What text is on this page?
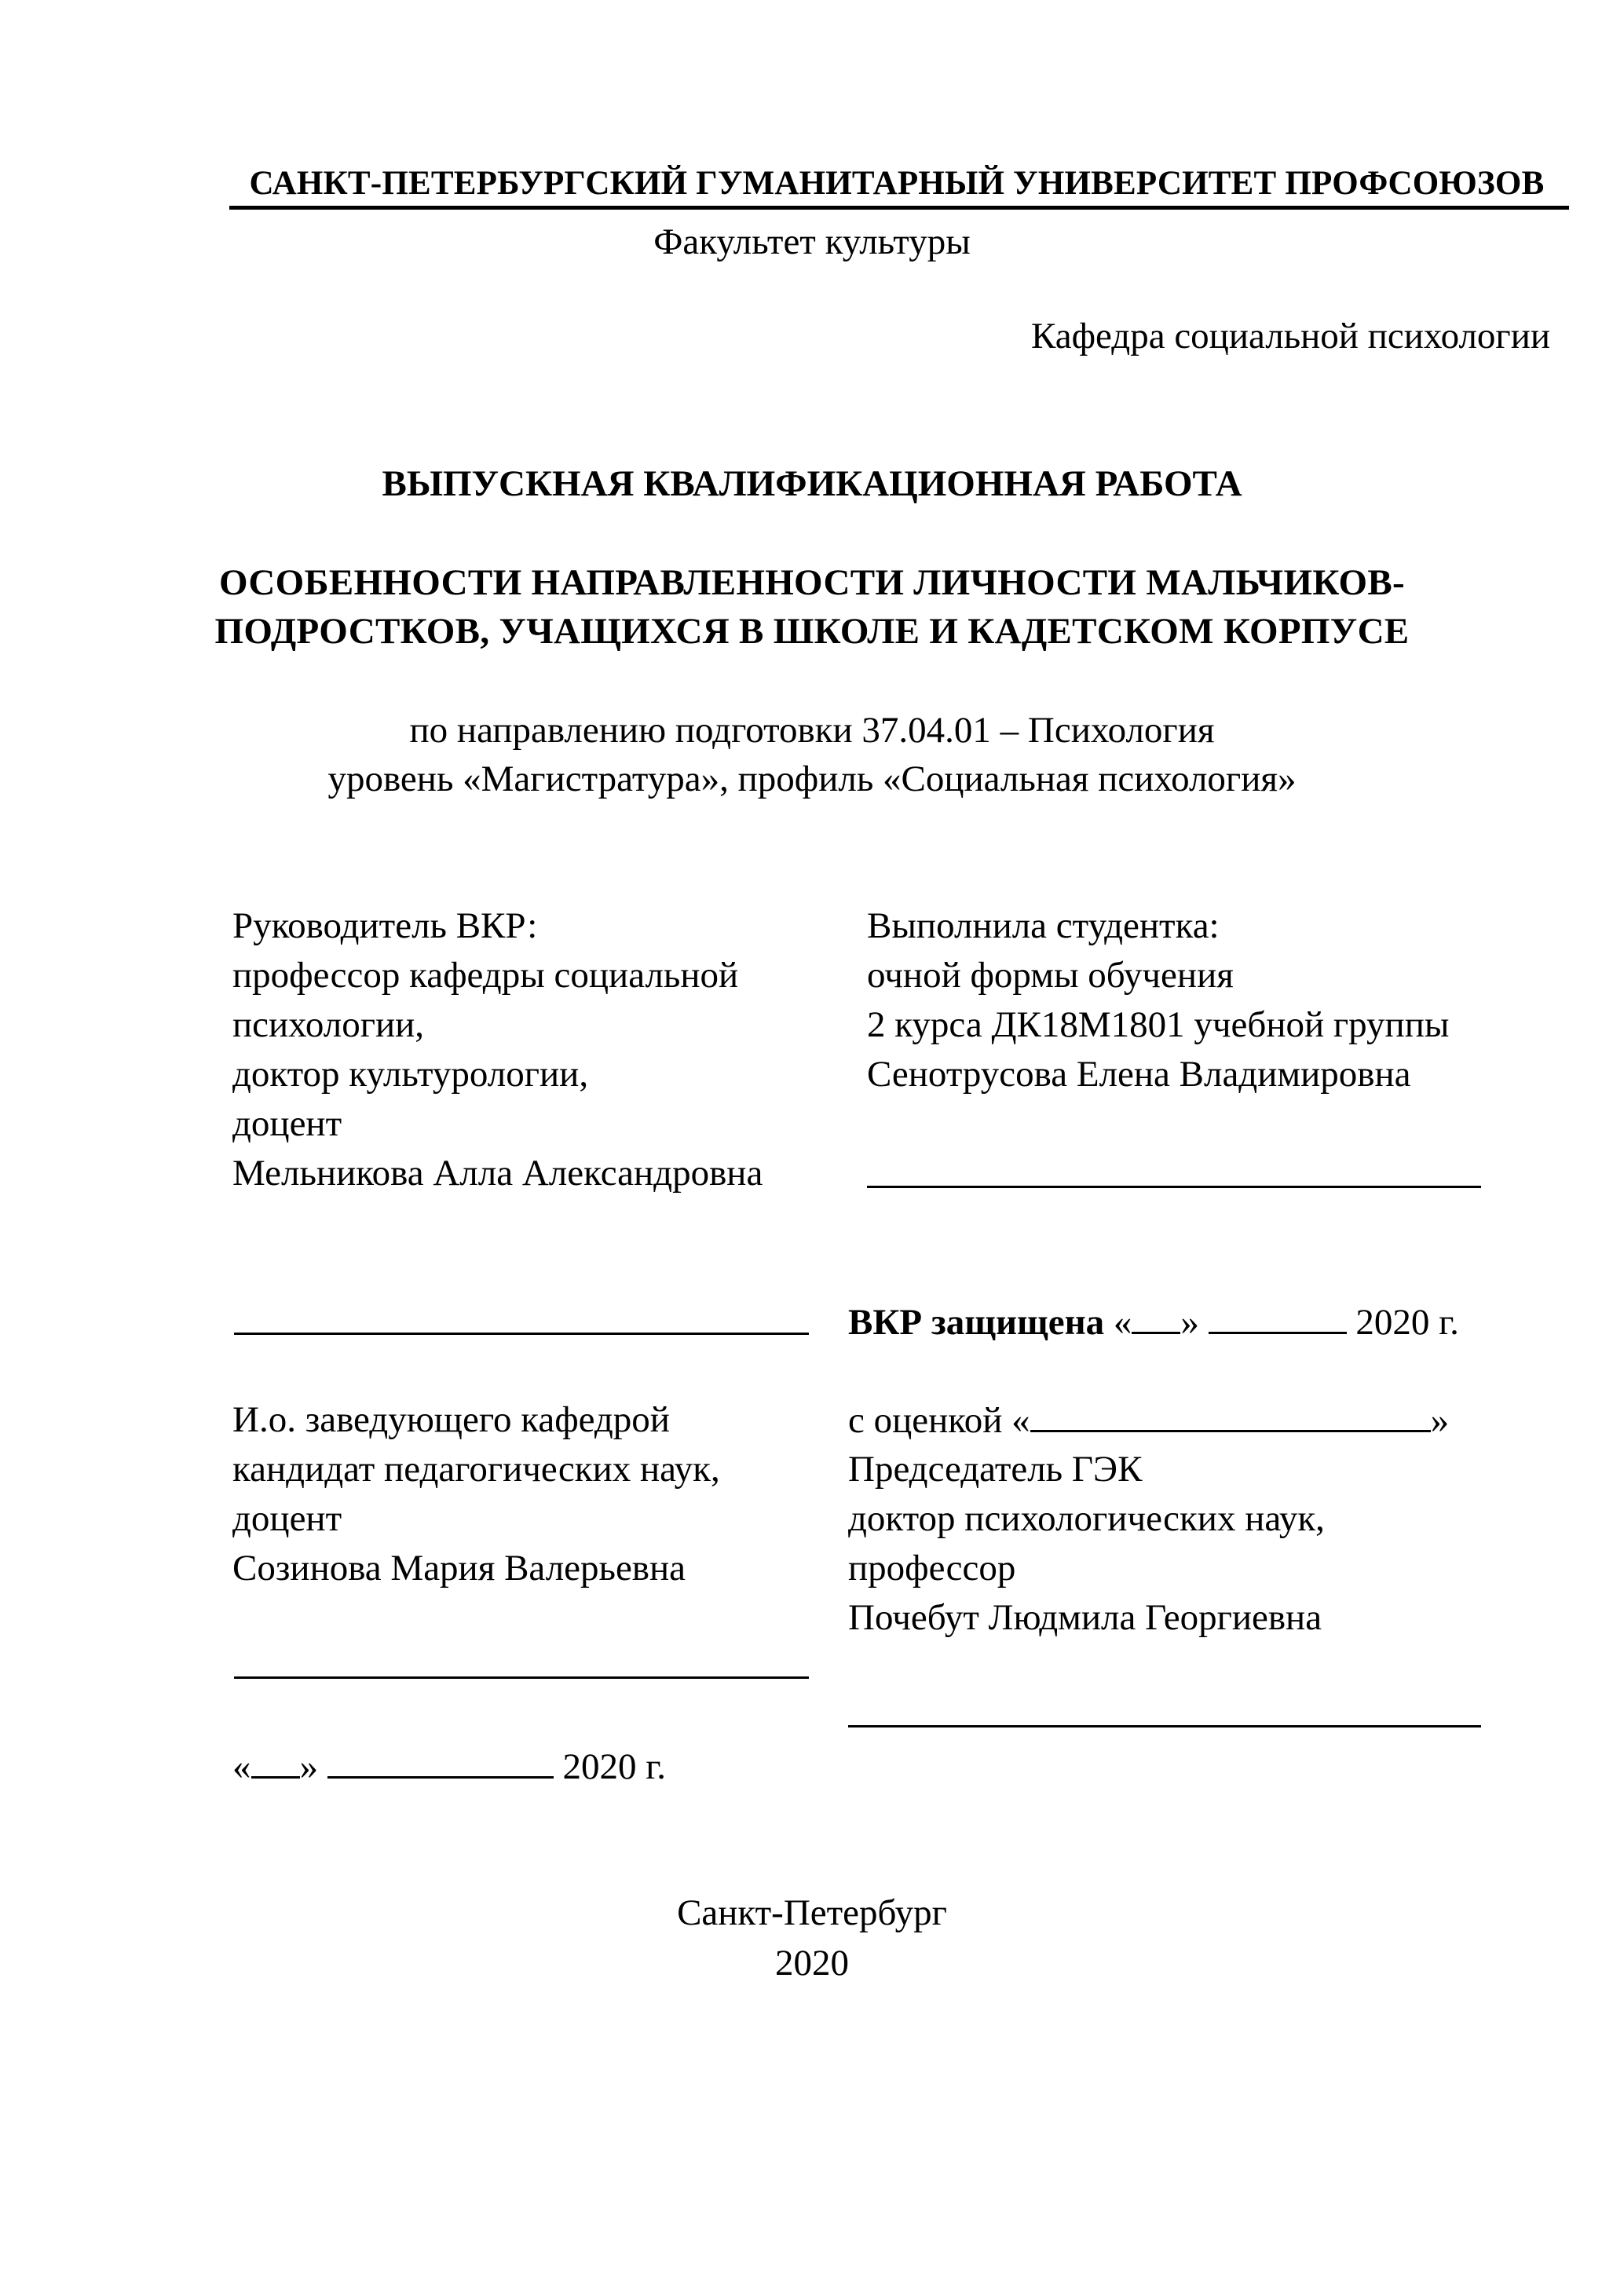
САНКТ-ПЕТЕРБУРГСКИЙ ГУМАНИТАРНЫЙ УНИВЕРСИТЕТ ПРОФСОЮЗОВ
Факультет культуры
Кафедра социальной психологии
ВЫПУСКНАЯ КВАЛИФИКАЦИОННАЯ РАБОТА
ОСОБЕННОСТИ НАПРАВЛЕННОСТИ ЛИЧНОСТИ МАЛЬЧИКОВ-
ПОДРОСТКОВ, УЧАЩИХСЯ В ШКОЛЕ И КАДЕТСКОМ КОРПУСЕ
по направлению подготовки 37.04.01 – Психология
уровень «Магистратура», профиль «Социальная психология»
Руководитель ВКР:
профессор кафедры социальной
психологии,
доктор культурологии,
доцент
Мельникова Алла Александровна
Выполнила студентка:
очной формы обучения
2 курса ДК18М1801 учебной группы
Сенотрусова Елена Владимировна
ВКР защищена « »	2020 г.
И.о. заведующего кафедрой
кандидат педагогических наук,
доцент
Созинова Мария Валерьевна
« »	2020 г.
с оценкой «	»
Председатель ГЭК
доктор психологических наук,
профессор
Почебут Людмила Георгиевна
Санкт-Петербург
2020
